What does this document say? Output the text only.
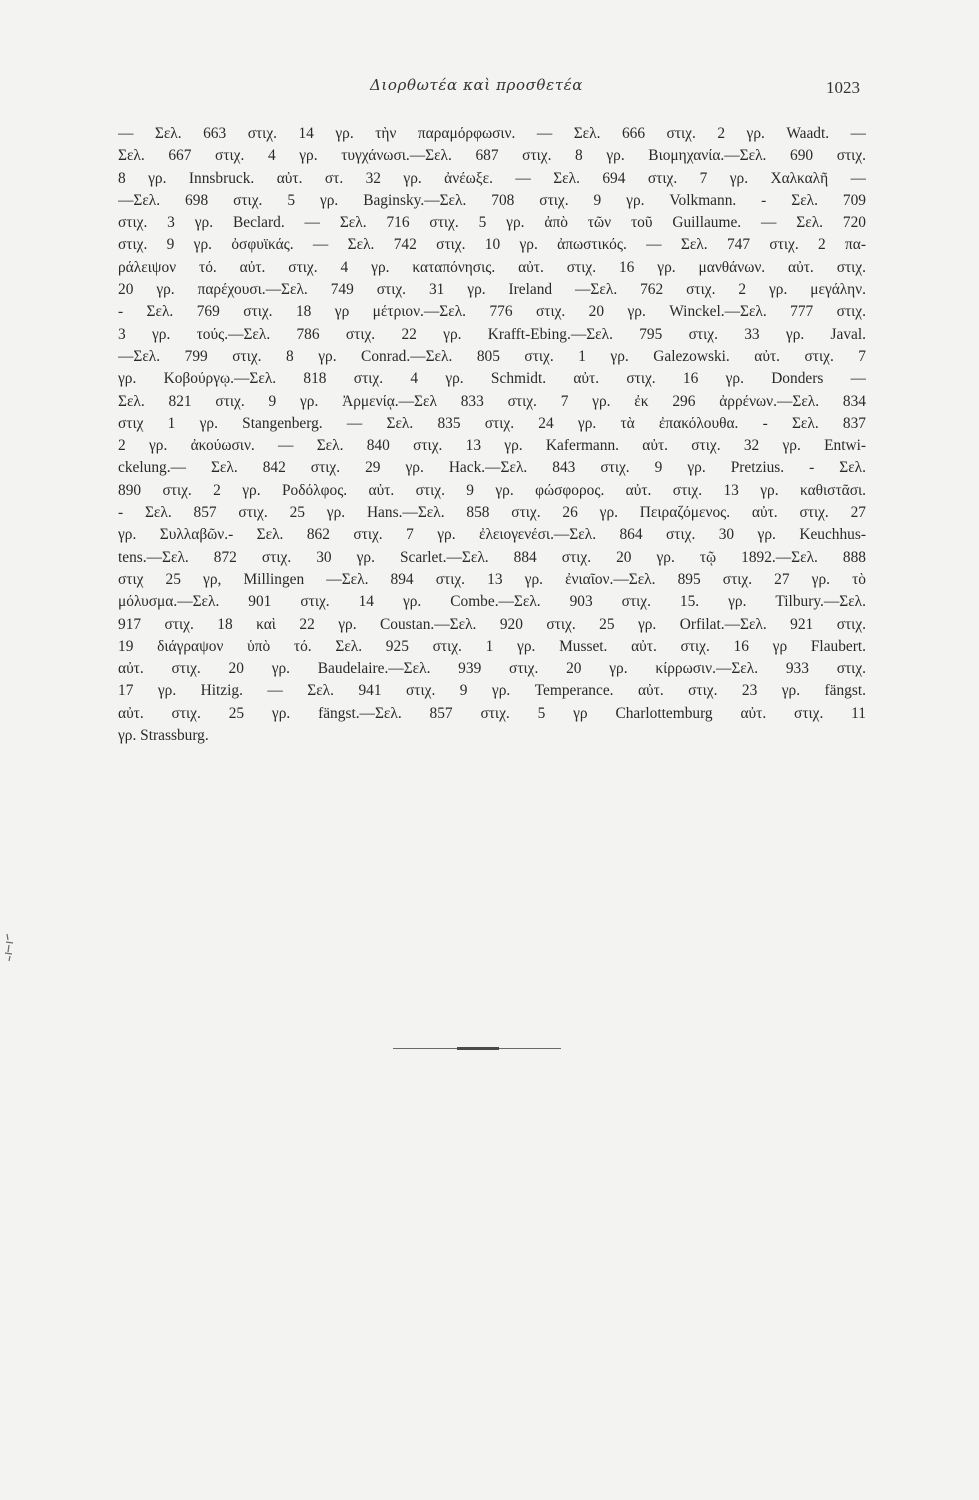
Διορθωτέα καὶ προσθετέα	1023
— Σελ. 663 στιχ. 14 γρ. τὴν παραμόρφωσιν. — Σελ. 666 στιχ. 2 γρ. Waadt. —
Σελ. 667 στιχ. 4 γρ. τυγχάνωσι.—Σελ. 687 στιχ. 8 γρ. Βιομηχανία.—Σελ. 690 στιχ.
8 γρ. Innsbruck. αὐτ. στ. 32 γρ. ἀνέωξε. — Σελ. 694 στιχ. 7 γρ. Χαλκαλῆ —
—Σελ. 698 στιχ. 5 γρ. Baginsky.—Σελ. 708 στιχ. 9 γρ. Volkmann. - Σελ. 709
στιχ. 3 γρ. Beclard. — Σελ. 716 στιχ. 5 γρ. ἀπὸ τῶν τοῦ Guillaume. — Σελ. 720
στιχ. 9 γρ. ὀσφυϊκάς. — Σελ. 742 στιχ. 10 γρ. ἀπωστικός. — Σελ. 747 στιχ. 2 πα-
ράλειψον τό. αὐτ. στιχ. 4 γρ. καταπόνησις. αὐτ. στιχ. 16 γρ. μανθάνων. αὐτ. στιχ.
20 γρ. παρέχουσι.—Σελ. 749 στιχ. 31 γρ. Ireland —Σελ. 762 στιχ. 2 γρ. μεγάλην.
- Σελ. 769 στιχ. 18 γρ μέτριον.—Σελ. 776 στιχ. 20 γρ. Winckel.—Σελ. 777 στιχ.
3 γρ. τούς.—Σελ. 786 στιχ. 22 γρ. Krafft-Ebing.—Σελ. 795 στιχ. 33 γρ. Javal.
—Σελ. 799 στιχ. 8 γρ. Conrad.—Σελ. 805 στιχ. 1 γρ. Galezowski. αὐτ. στιχ. 7
γρ. Κοβούργῳ.—Σελ. 818 στιχ. 4 γρ. Schmidt. αὐτ. στιχ. 16 γρ. Donders —
Σελ. 821 στιχ. 9 γρ. Ἀρμενίᾳ.—Σελ 833 στιχ. 7 γρ. ἐκ 296 ἀρρένων.—Σελ. 834
στιχ 1 γρ. Stangenberg. — Σελ. 835 στιχ. 24 γρ. τὰ ἐπακόλουθα. - Σελ. 837
2 γρ. ἀκούωσιν. — Σελ. 840 στιχ. 13 γρ. Kafermann. αὐτ. στιχ. 32 γρ. Entwi-
ckelung.— Σελ. 842 στιχ. 29 γρ. Hack.—Σελ. 843 στιχ. 9 γρ. Pretzius. - Σελ.
890 στιχ. 2 γρ. Ροδόλφος. αὐτ. στιχ. 9 γρ. φώσφορος. αὐτ. στιχ. 13 γρ. καθιστᾶσι.
- Σελ. 857 στιχ. 25 γρ. Hans.—Σελ. 858 στιχ. 26 γρ. Πειραζόμενος. αὐτ. στιχ. 27
γρ. Συλλαβῶν.- Σελ. 862 στιχ. 7 γρ. ἐλειογενέσι.—Σελ. 864 στιχ. 30 γρ. Keuchhus-
tens.—Σελ. 872 στιχ. 30 γρ. Scarlet.—Σελ. 884 στιχ. 20 γρ. τῷ 1892.—Σελ. 888
στιχ 25 γρ, Millingen —Σελ. 894 στιχ. 13 γρ. ἐνιαῖον.—Σελ. 895 στιχ. 27 γρ. τὸ
μόλυσμα.—Σελ. 901 στιχ. 14 γρ. Combe.—Σελ. 903 στιχ. 15. γρ. Tilbury.—Σελ.
917 στιχ. 18 καὶ 22 γρ. Coustan.—Σελ. 920 στιχ. 25 γρ. Orfilat.—Σελ. 921 στιχ.
19 διάγραψον ὑπὸ τό. Σελ. 925 στιχ. 1 γρ. Musset. αὐτ. στιχ. 16 γρ Flaubert.
αὐτ. στιχ. 20 γρ. Baudelaire.—Σελ. 939 στιχ. 20 γρ. κίρρωσιν.—Σελ. 933 στιχ.
17 γρ. Hitzig. — Σελ. 941 στιχ. 9 γρ. Temperance. αὐτ. στιχ. 23 γρ. fängst.
αὐτ. στιχ. 25 γρ. fängst.—Σελ. 857 στιχ. 5 γρ Charlottemburg αὐτ. στιχ. 11
γρ. Strassburg.
